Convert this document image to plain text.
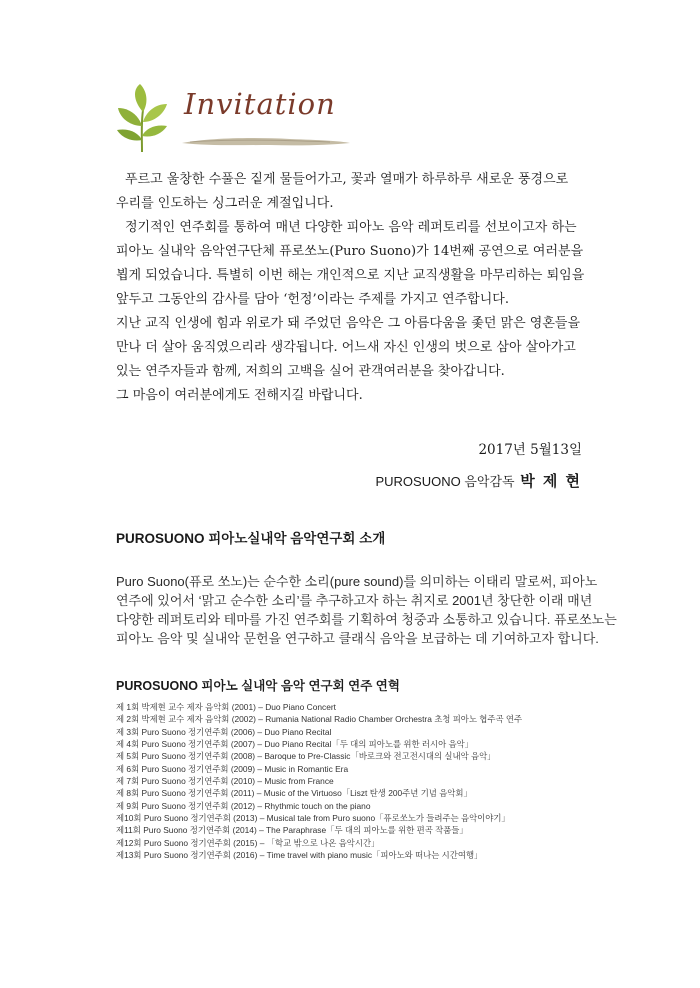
Invitation

푸르고 울창한 수풀은 짙게 물들어가고, 꽃과 열매가 하루하루 새로운 풍경으로

우리를 인도하는 싱그러운 계절입니다.

정기적인 연주회를 통하여 매년 다양한 피아노 음악 레퍼토리를 선보이고자 하는

피아노 실내악 음악연구단체 퓨로쏘노(Puro Suono)가 14번째 공연으로 여러분을

뵙게 되었습니다. 특별히 이번 해는 개인적으로 지난 교직생활을 마무리하는 퇴임을

앞두고 그동안의 감사를 담아 ‘헌정’이라는 주제를 가지고 연주합니다.

지난 교직 인생에 힘과 위로가 돼 주었던 음악은 그 아름다움을 좇던 맑은 영혼들을

만나 더 살아 움직였으리라 생각됩니다. 어느새 자신 인생의 벗으로 삼아 살아가고

있는 연주자들과 함께, 저희의 고백을 실어 관객여러분을 찾아갑니다.

그 마음이 여러분에게도 전해지길 바랍니다.

2017년 5월13일
PUROSUONO 음악감독 박 제 현
PUROSUONO 피아노실내악 음악연구회 소개

Puro Suono(퓨로 쏘노)는 순수한 소리(pure sound)를 의미하는 이태리 말로써, 피아노

연주에 있어서 ‘맑고 순수한 소리’를 추구하고자 하는 취지로 2001년 창단한 이래 매년

다양한 레퍼토리와 테마를 가진 연주회를 기획하여 청중과 소통하고 있습니다. 퓨로쏘노는

피아노 음악 및 실내악 문헌을 연구하고 클래식 음악을 보급하는 데 기여하고자 합니다.

PUROSUONO 피아노 실내악 음악 연구회 연주 연혁
제 1회 박제현 교수 제자 음악회 (2001) – Duo Piano Concert
제 2회 박제현 교수 제자 음악회 (2002) – Rumania National Radio Chamber Orchestra 초청 피아노 협주곡 연주
제 3회 Puro Suono 정기연주회 (2006) – Duo Piano Recital
제 4회 Puro Suono 정기연주회 (2007) – Duo Piano Recital「두 대의 피아노를 위한 러시아 음악」
제 5회 Puro Suono 정기연주회 (2008) – Baroque to Pre-Classic「바로크와 전고전시대의 실내악 음악」
제 6회 Puro Suono 정기연주회 (2009) – Music in Romantic Era
제 7회 Puro Suono 정기연주회 (2010) – Music from France
제 8회 Puro Suono 정기연주회 (2011) – Music of the Virtuoso「Liszt 탄생 200주년 기념 음악회」
제 9회 Puro Suono 정기연주회 (2012) – Rhythmic touch on the piano
제10회 Puro Suono 정기연주회 (2013) – Musical tale from Puro suono「퓨로쏘노가 들려주는 음악이야기」
제11회 Puro Suono 정기연주회 (2014) – The Paraphrase「두 대의 피아노를 위한 편곡 작품들」
제12회 Puro Suono 정기연주회 (2015) – 「학교 밖으로 나온 음악시간」
제13회 Puro Suono 정기연주회 (2016) – Time travel with piano music「피아노와 떠나는 시간여행」
